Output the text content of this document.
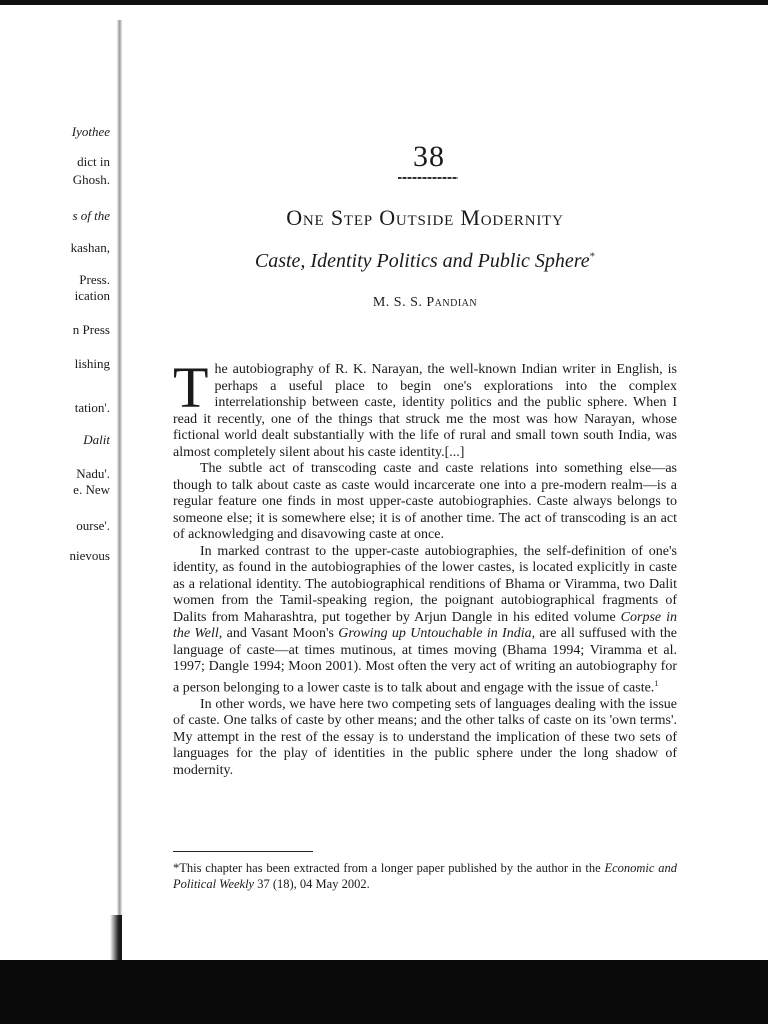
Iyothee
dict in
Ghosh.
s of the
kashan,
Press.
ication
n Press
lishing
tation'.
Dalit
Nadu'.
e. New
ourse'.
nievous
38
One Step Outside Modernity
Caste, Identity Politics and Public Sphere*
M. S. S. Pandian

The autobiography of R. K. Narayan, the well-known Indian writer in English, is perhaps a useful place to begin one's explorations into the complex interrelationship between caste, identity politics and the public sphere. When I read it recently, one of the things that struck me the most was how Narayan, whose fictional world dealt substantially with the life of rural and small town south India, was almost completely silent about his caste identity.[...]

The subtle act of transcoding caste and caste relations into something else—as though to talk about caste as caste would incarcerate one into a pre-modern realm—is a regular feature one finds in most upper-caste autobiographies. Caste always belongs to someone else; it is somewhere else; it is of another time. The act of transcoding is an act of acknowledging and disavowing caste at once.

In marked contrast to the upper-caste autobiographies, the self-definition of one's identity, as found in the autobiographies of the lower castes, is located explicitly in caste as a relational identity. The autobiographical renditions of Bhama or Viramma, two Dalit women from the Tamil-speaking region, the poignant autobiographical fragments of Dalits from Maharashtra, put together by Arjun Dangle in his edited volume Corpse in the Well, and Vasant Moon's Growing up Untouchable in India, are all suffused with the language of caste—at times mutinous, at times moving (Bhama 1994; Viramma et al. 1997; Dangle 1994; Moon 2001). Most often the very act of writing an autobiography for a person belonging to a lower caste is to talk about and engage with the issue of caste.$^1$

In other words, we have here two competing sets of languages dealing with the issue of caste. One talks of caste by other means; and the other talks of caste on its 'own terms'. My attempt in the rest of the essay is to understand the implication of these two sets of languages for the play of identities in the public sphere under the long shadow of modernity.

*This chapter has been extracted from a longer paper published by the author in the Economic and Political Weekly 37 (18), 04 May 2002.
